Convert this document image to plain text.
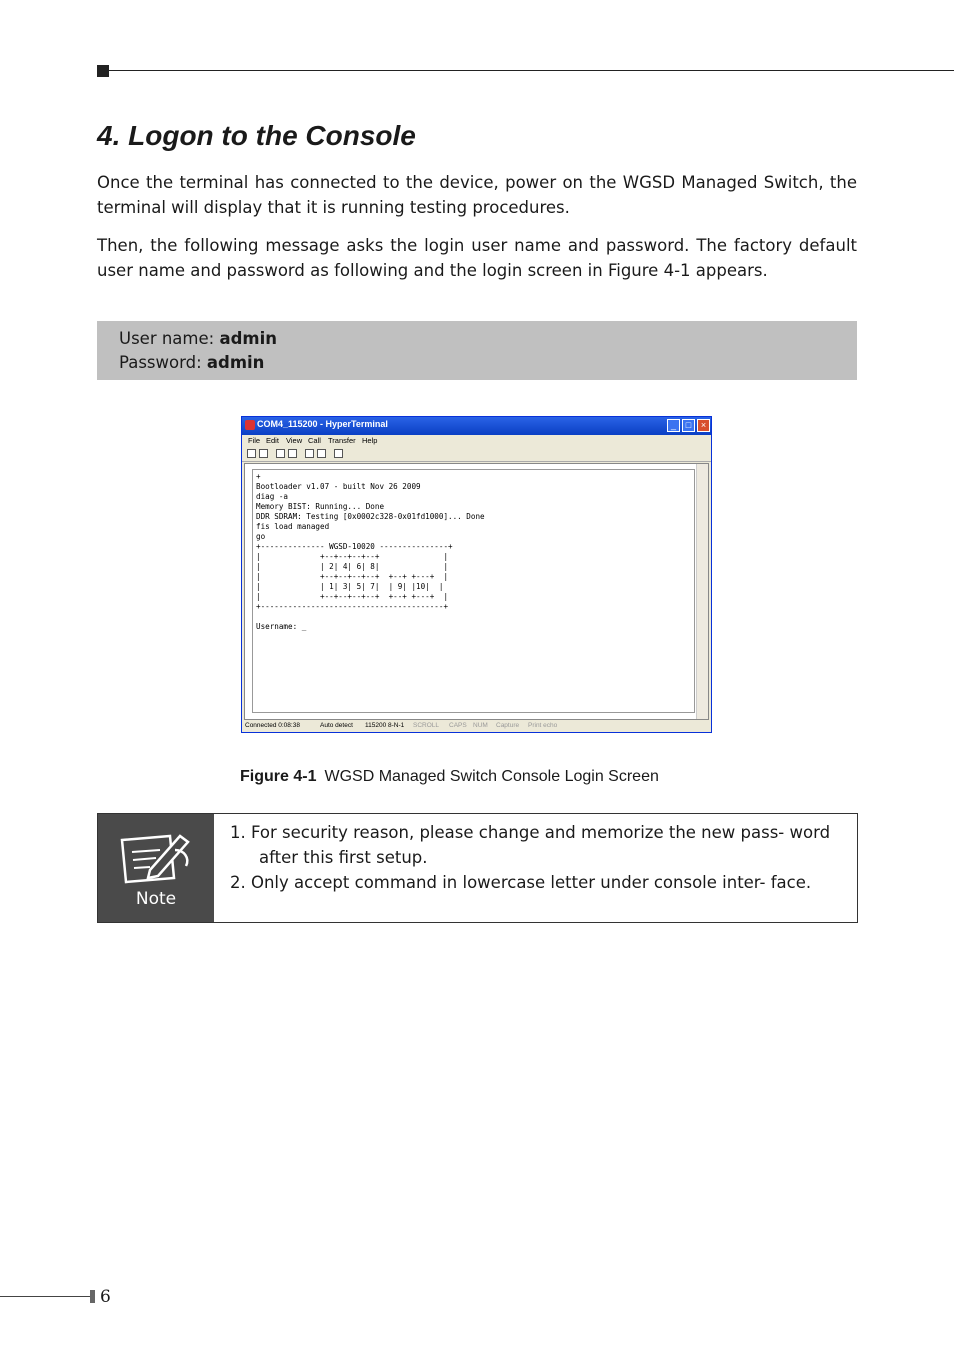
4. Logon to the Console

Once the terminal has connected to the device, power on the WGSD Managed Switch, the terminal will display that it is running testing procedures.

Then, the following message asks the login user name and password. The factory default user name and password as following and the login screen in Figure 4-1 appears.

User name: admin
Password: admin
COM4_115200 - HyperTerminal	_	□	×
File Edit View Call Transfer Help
+
Bootloader v1.07 - built Nov 26 2009
diag -a
Memory BIST: Running... Done
DDR SDRAM: Testing [0x0002c328-0x01fd1000]... Done
fis load managed
go
+-------------- WGSD-10020 ---------------+
|             +--+--+--+--+              |
|             | 2| 4| 6| 8|              |
|             +--+--+--+--+  +--+ +---+  |
|             | 1| 3| 5| 7|  | 9| |10|  |
|             +--+--+--+--+  +--+ +---+  |
+----------------------------------------+

Username: _
Connected 0:08:38	Auto detect 115200 8-N-1 SCROLL CAPS NUM Capture Print echo
Figure 4-1 WGSD Managed Switch Console Login Screen
Note
1. For security reason, please change and memorize the new pass- word after this first setup.
2. Only accept command in lowercase letter under console inter- face.
6
